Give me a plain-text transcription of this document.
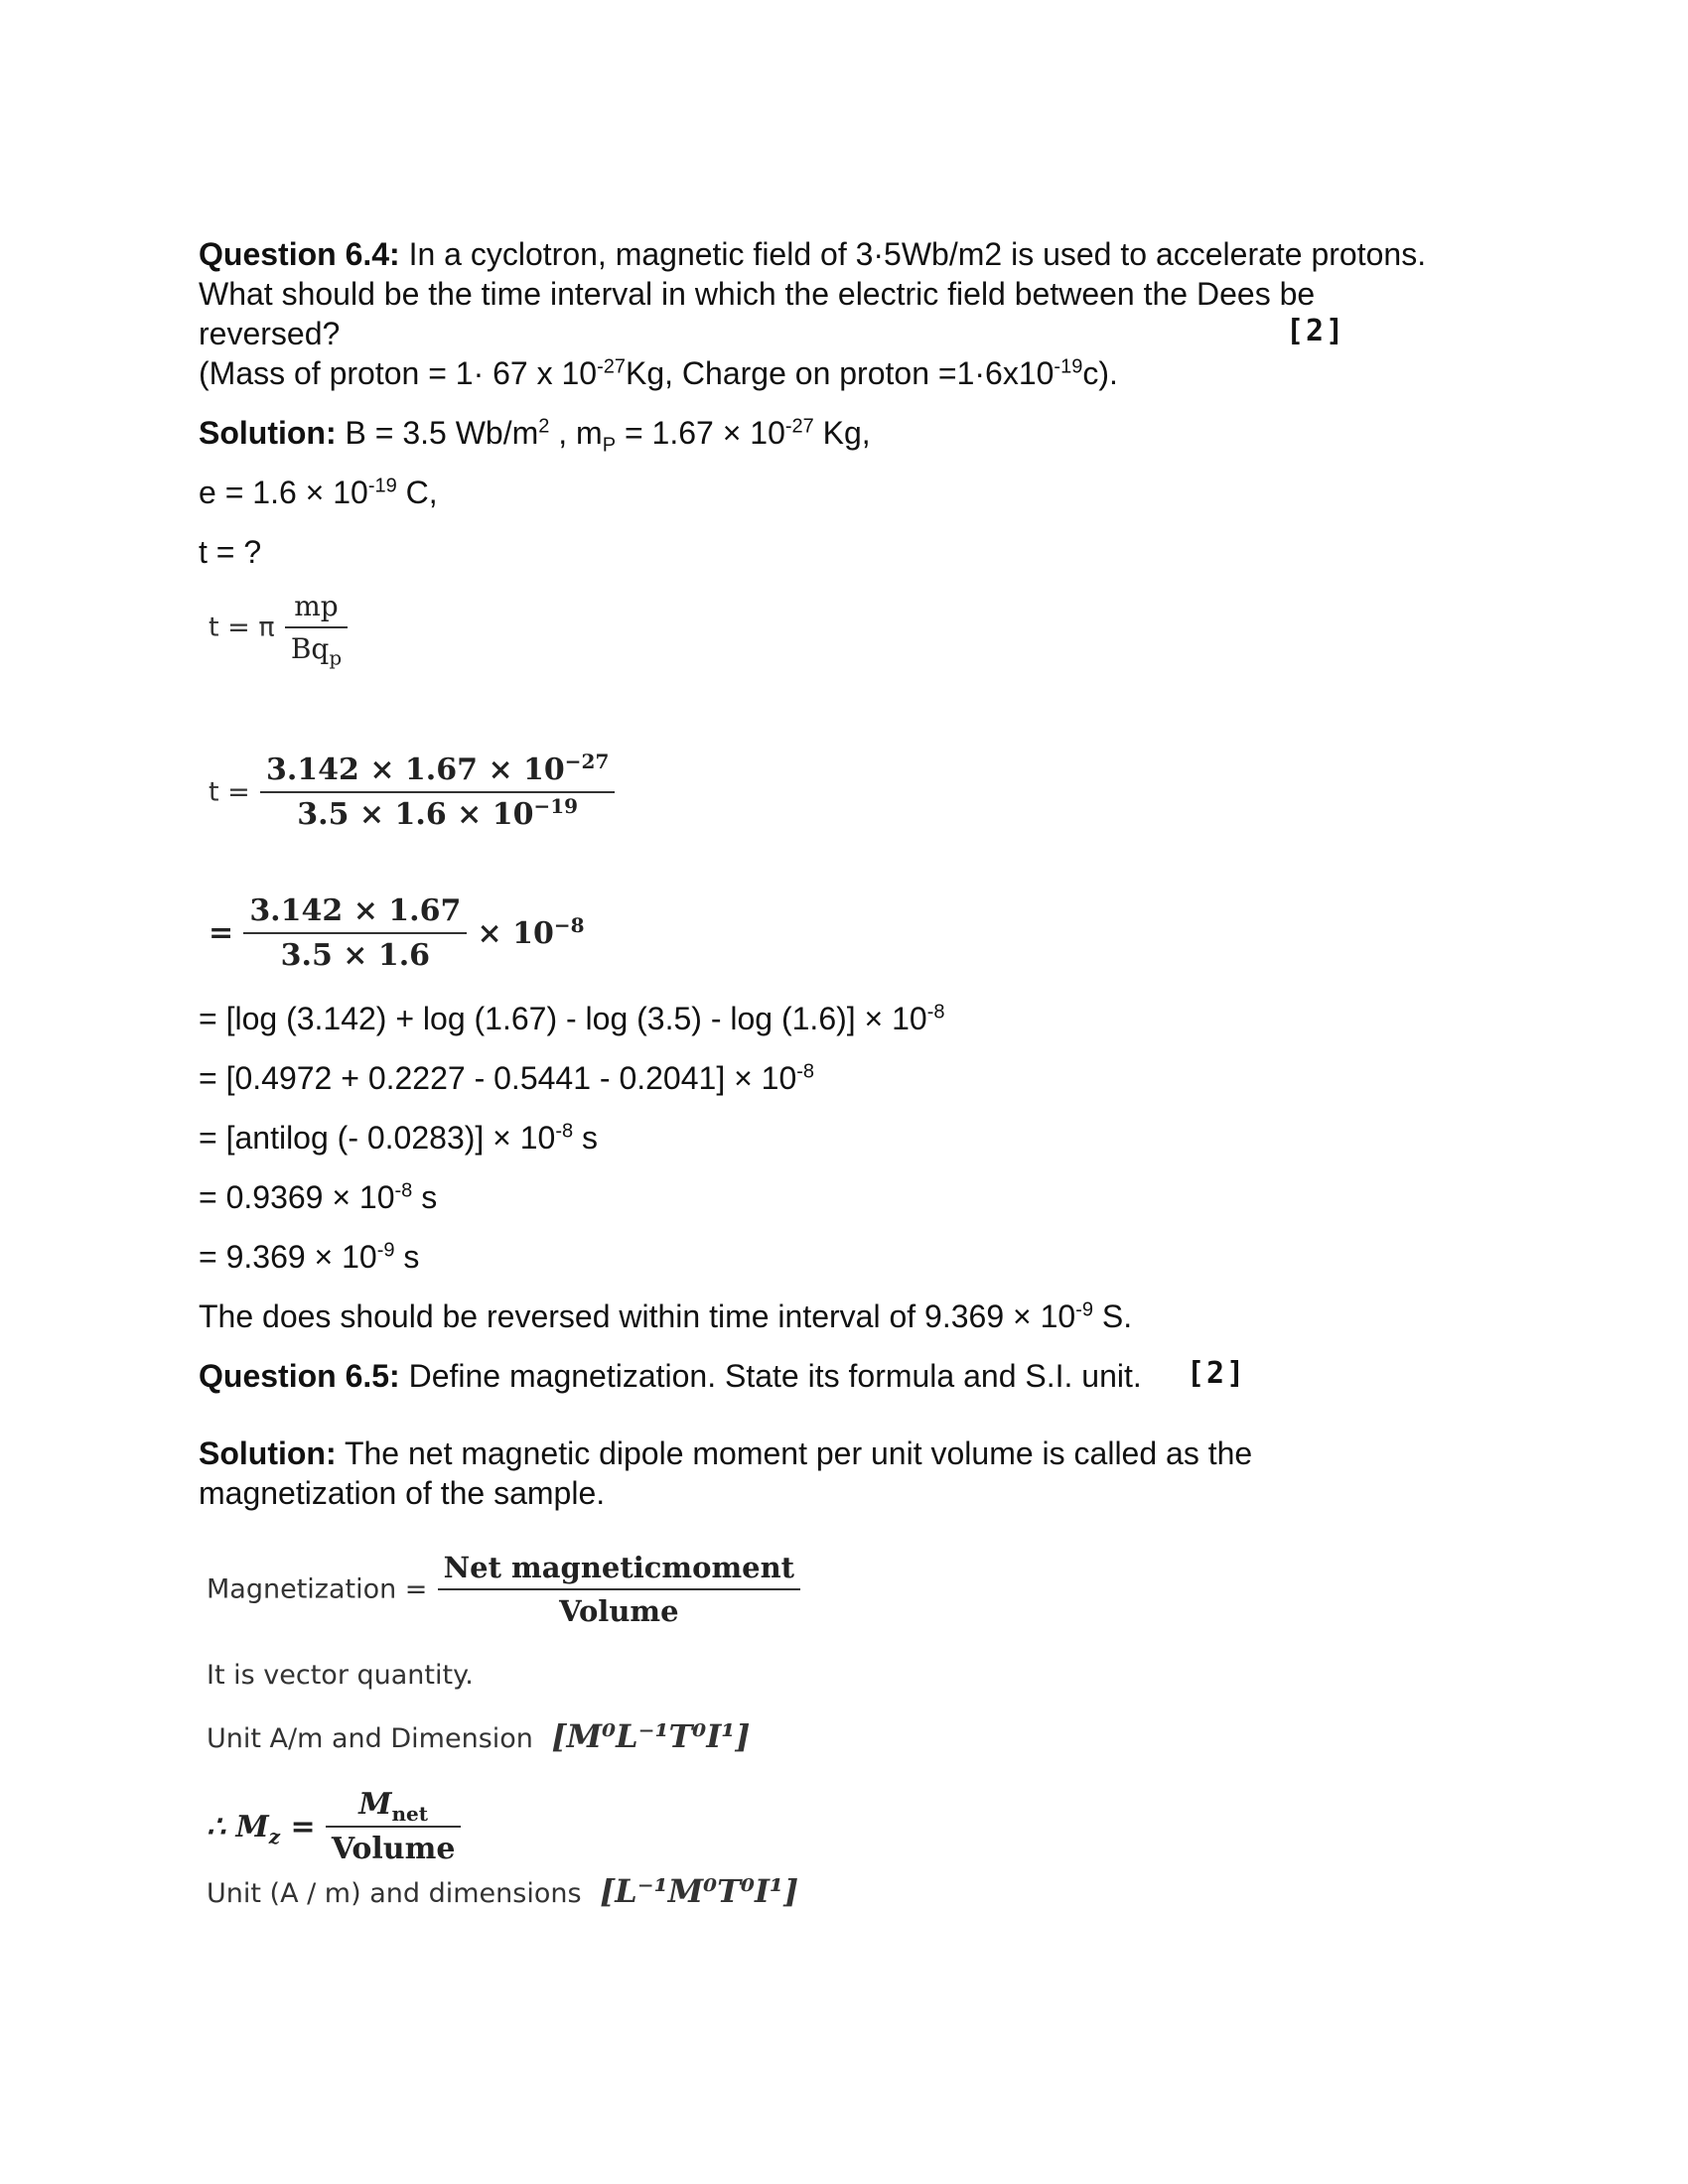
Question 6.4: In a cyclotron, magnetic field of 3·5Wb/m2 is used to accelerate protons.
What should be the time interval in which the electric field between the Dees be
reversed?	[2]
(Mass of proton = 1· 67 x $10^{-27}Kg$, Charge on proton $=1\cdot 6x10^{-19}c$).
Solution: B = 3.5 $Wb/m^2$ , $m_P = 1.67 \times 10^{-27}$ Kg,
$e = 1.6 \times 10^{-19}$ C,
t = ?
t = π $\frac{mp}{Bq_p}$
$t = \frac{3.142 \times 1.67 \times 10^{-27}}{3.5 \times 1.6 \times 10^{-19}}$
= $\frac{3.142 \times 1.67}{3.5 \times 1.6} \times 10^{-8}$
= [log $(3.142) + \log (1.67) - \log (3.5) - \log (1.6)] \times 10^{-8}$
= $[0.4972 + 0.2227 - 0.5441 - 0.2041] \times 10^{-8}$
= [antilog (- $0.0283)] \times 10^{-8}$ s
= $0.9369 \times 10^{-8}$ s
= $9.369 \times 10^{-9}$ s
The does should be reversed within time interval of $9.369 \times 10^{-9}$ S.
Question 6.5: Define magnetization. State its formula and S.I. unit. [2]
Solution: The net magnetic dipole moment per unit volume is called as the
magnetization of the sample.
Magnetization = $\frac{\text{Net magneticmoment}}{\text{Volume}}$
It is vector quantity.
Unit A/m and Dimension [M⁰L⁻¹T⁰I¹]
∴ $M_z = \frac{M_{net}}{\text{Volume}}$
Unit (A / m) and dimensions [L⁻¹M⁰T⁰I¹]
